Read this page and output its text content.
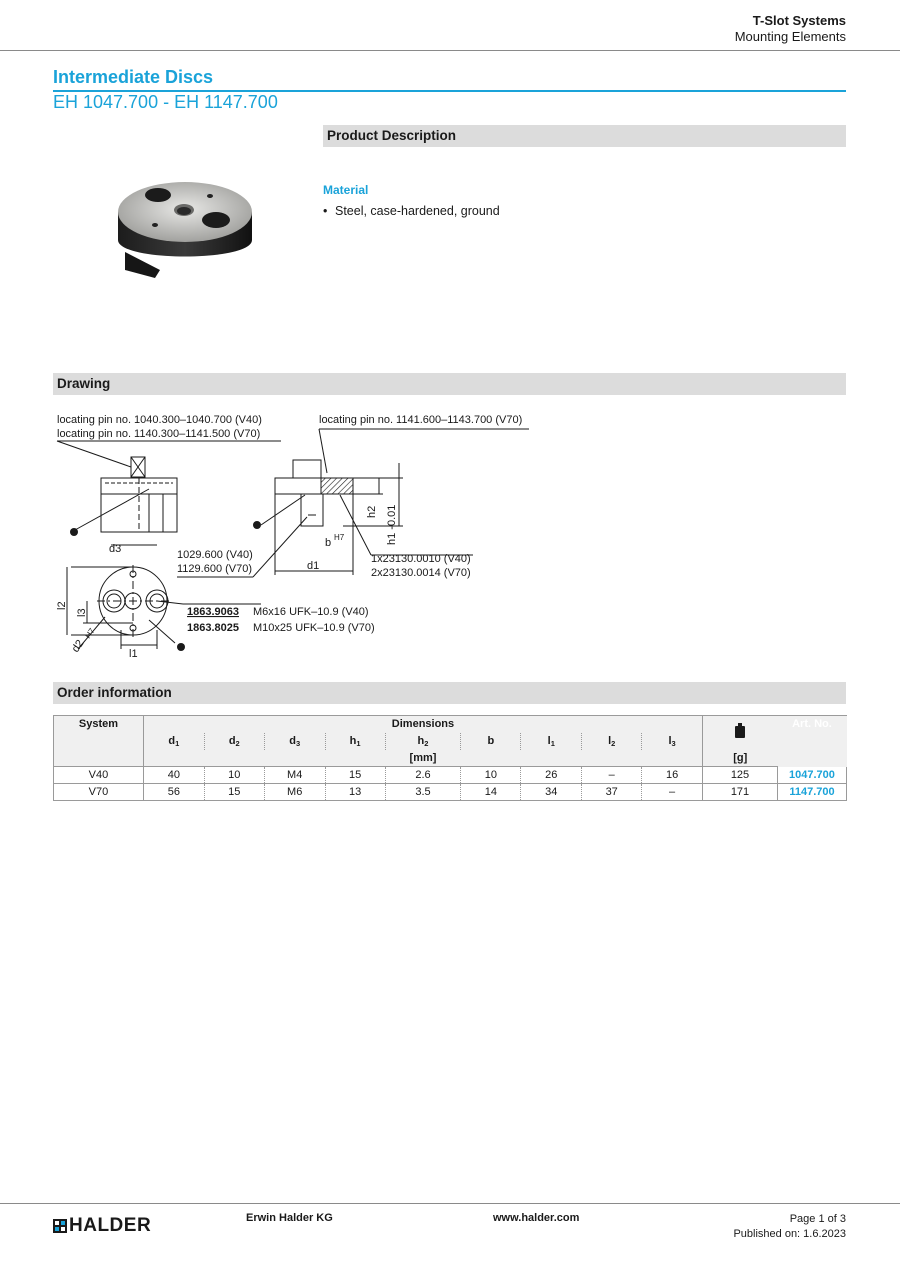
T-Slot Systems
Mounting Elements
Intermediate Discs
EH 1047.700 - EH 1147.700
Product Description
Material
• Steel, case-hardened, ground
Drawing
locating pin no. 1040.300–1040.700 (V40)
locating pin no. 1140.300–1141.500 (V70)
locating pin no. 1141.600–1143.700 (V70)
1029.600 (V40)
1129.600 (V70)
1x23130.0010 (V40)
2x23130.0014 (V70)
1863.9063 M6x16 UFK–10.9 (V40)
1863.8025 M10x25 UFK–10.9 (V70)
d1
d3
d2
H7
b H7
h2 h1 -0.01
l1
l2
l3
Order information
System	Dimensions										Art. No.
	$d_1$	$d_2$	$d_3$	$h_1$	$h_2$	b	$l_1$	$l_2$	$l_3$
	[mm]									[g]	
V40	40	10	M4	15	2.6	10	26	–	16	125	1047.700
V70	56	15	M6	13	3.5	14	34	37	–	171	1147.700
HALDER	Erwin Halder KG	www.halder.com	Page 1 of 3
Published on: 1.6.2023
